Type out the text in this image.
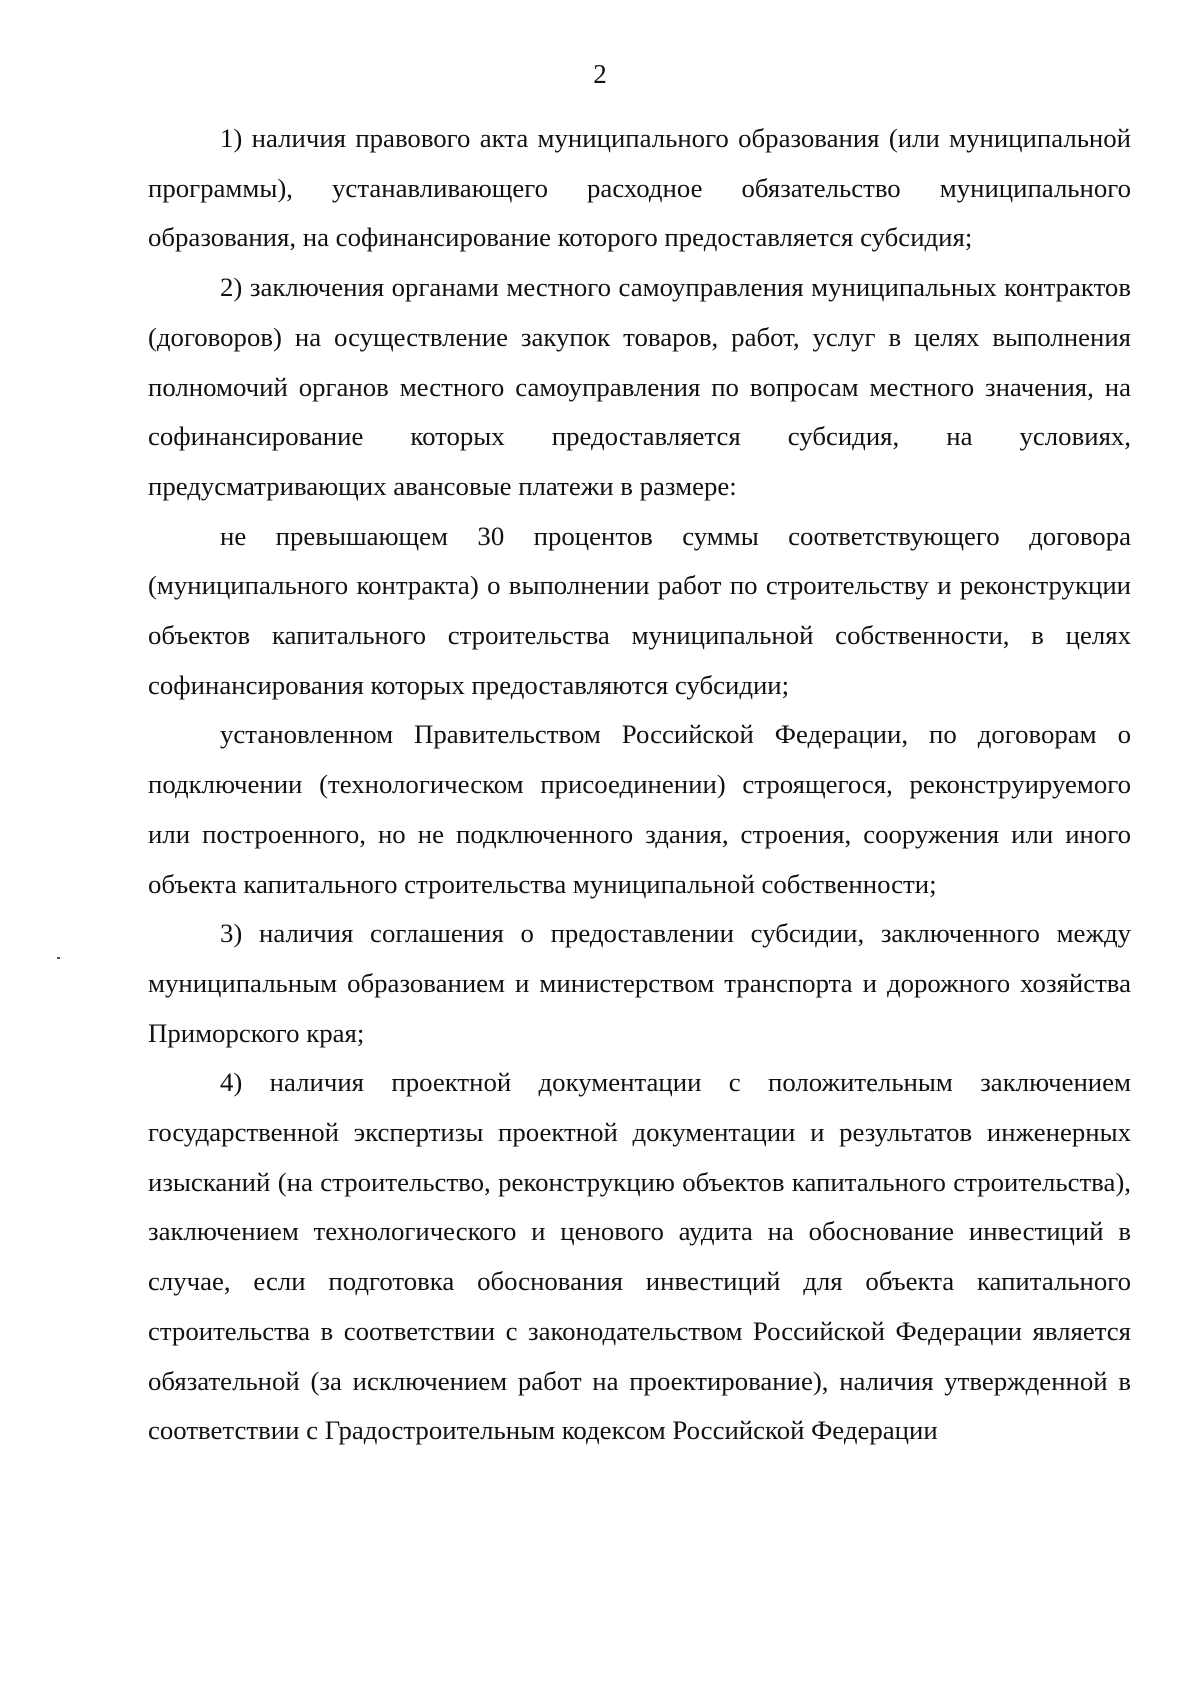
2

1) наличия правового акта муниципального образования (или муниципальной программы), устанавливающего расходное обязательство муниципального образования, на софинансирование которого предоставляется субсидия;

2) заключения органами местного самоуправления муниципальных контрактов (договоров) на осуществление закупок товаров, работ, услуг в целях выполнения полномочий органов местного самоуправления по вопросам местного значения, на софинансирование которых предоставляется субсидия, на условиях, предусматривающих авансовые платежи в размере:

не превышающем 30 процентов суммы соответствующего договора (муниципального контракта) о выполнении работ по строительству и реконструкции объектов капитального строительства муниципальной собственности, в целях софинансирования которых предоставляются субсидии;

установленном Правительством Российской Федерации, по договорам о подключении (технологическом присоединении) строящегося, реконструируемого или построенного, но не подключенного здания, строения, сооружения или иного объекта капитального строительства муниципальной собственности;

3) наличия соглашения о предоставлении субсидии, заключенного между муниципальным образованием и министерством транспорта и дорожного хозяйства Приморского края;

4) наличия проектной документации с положительным заключением государственной экспертизы проектной документации и результатов инженерных изысканий (на строительство, реконструкцию объектов капитального строительства), заключением технологического и ценового аудита на обоснование инвестиций в случае, если подготовка обоснования инвестиций для объекта капитального строительства в соответствии с законодательством Российской Федерации является обязательной (за исключением работ на проектирование), наличия утвержденной в соответствии с Градостроительным кодексом Российской Федерации
